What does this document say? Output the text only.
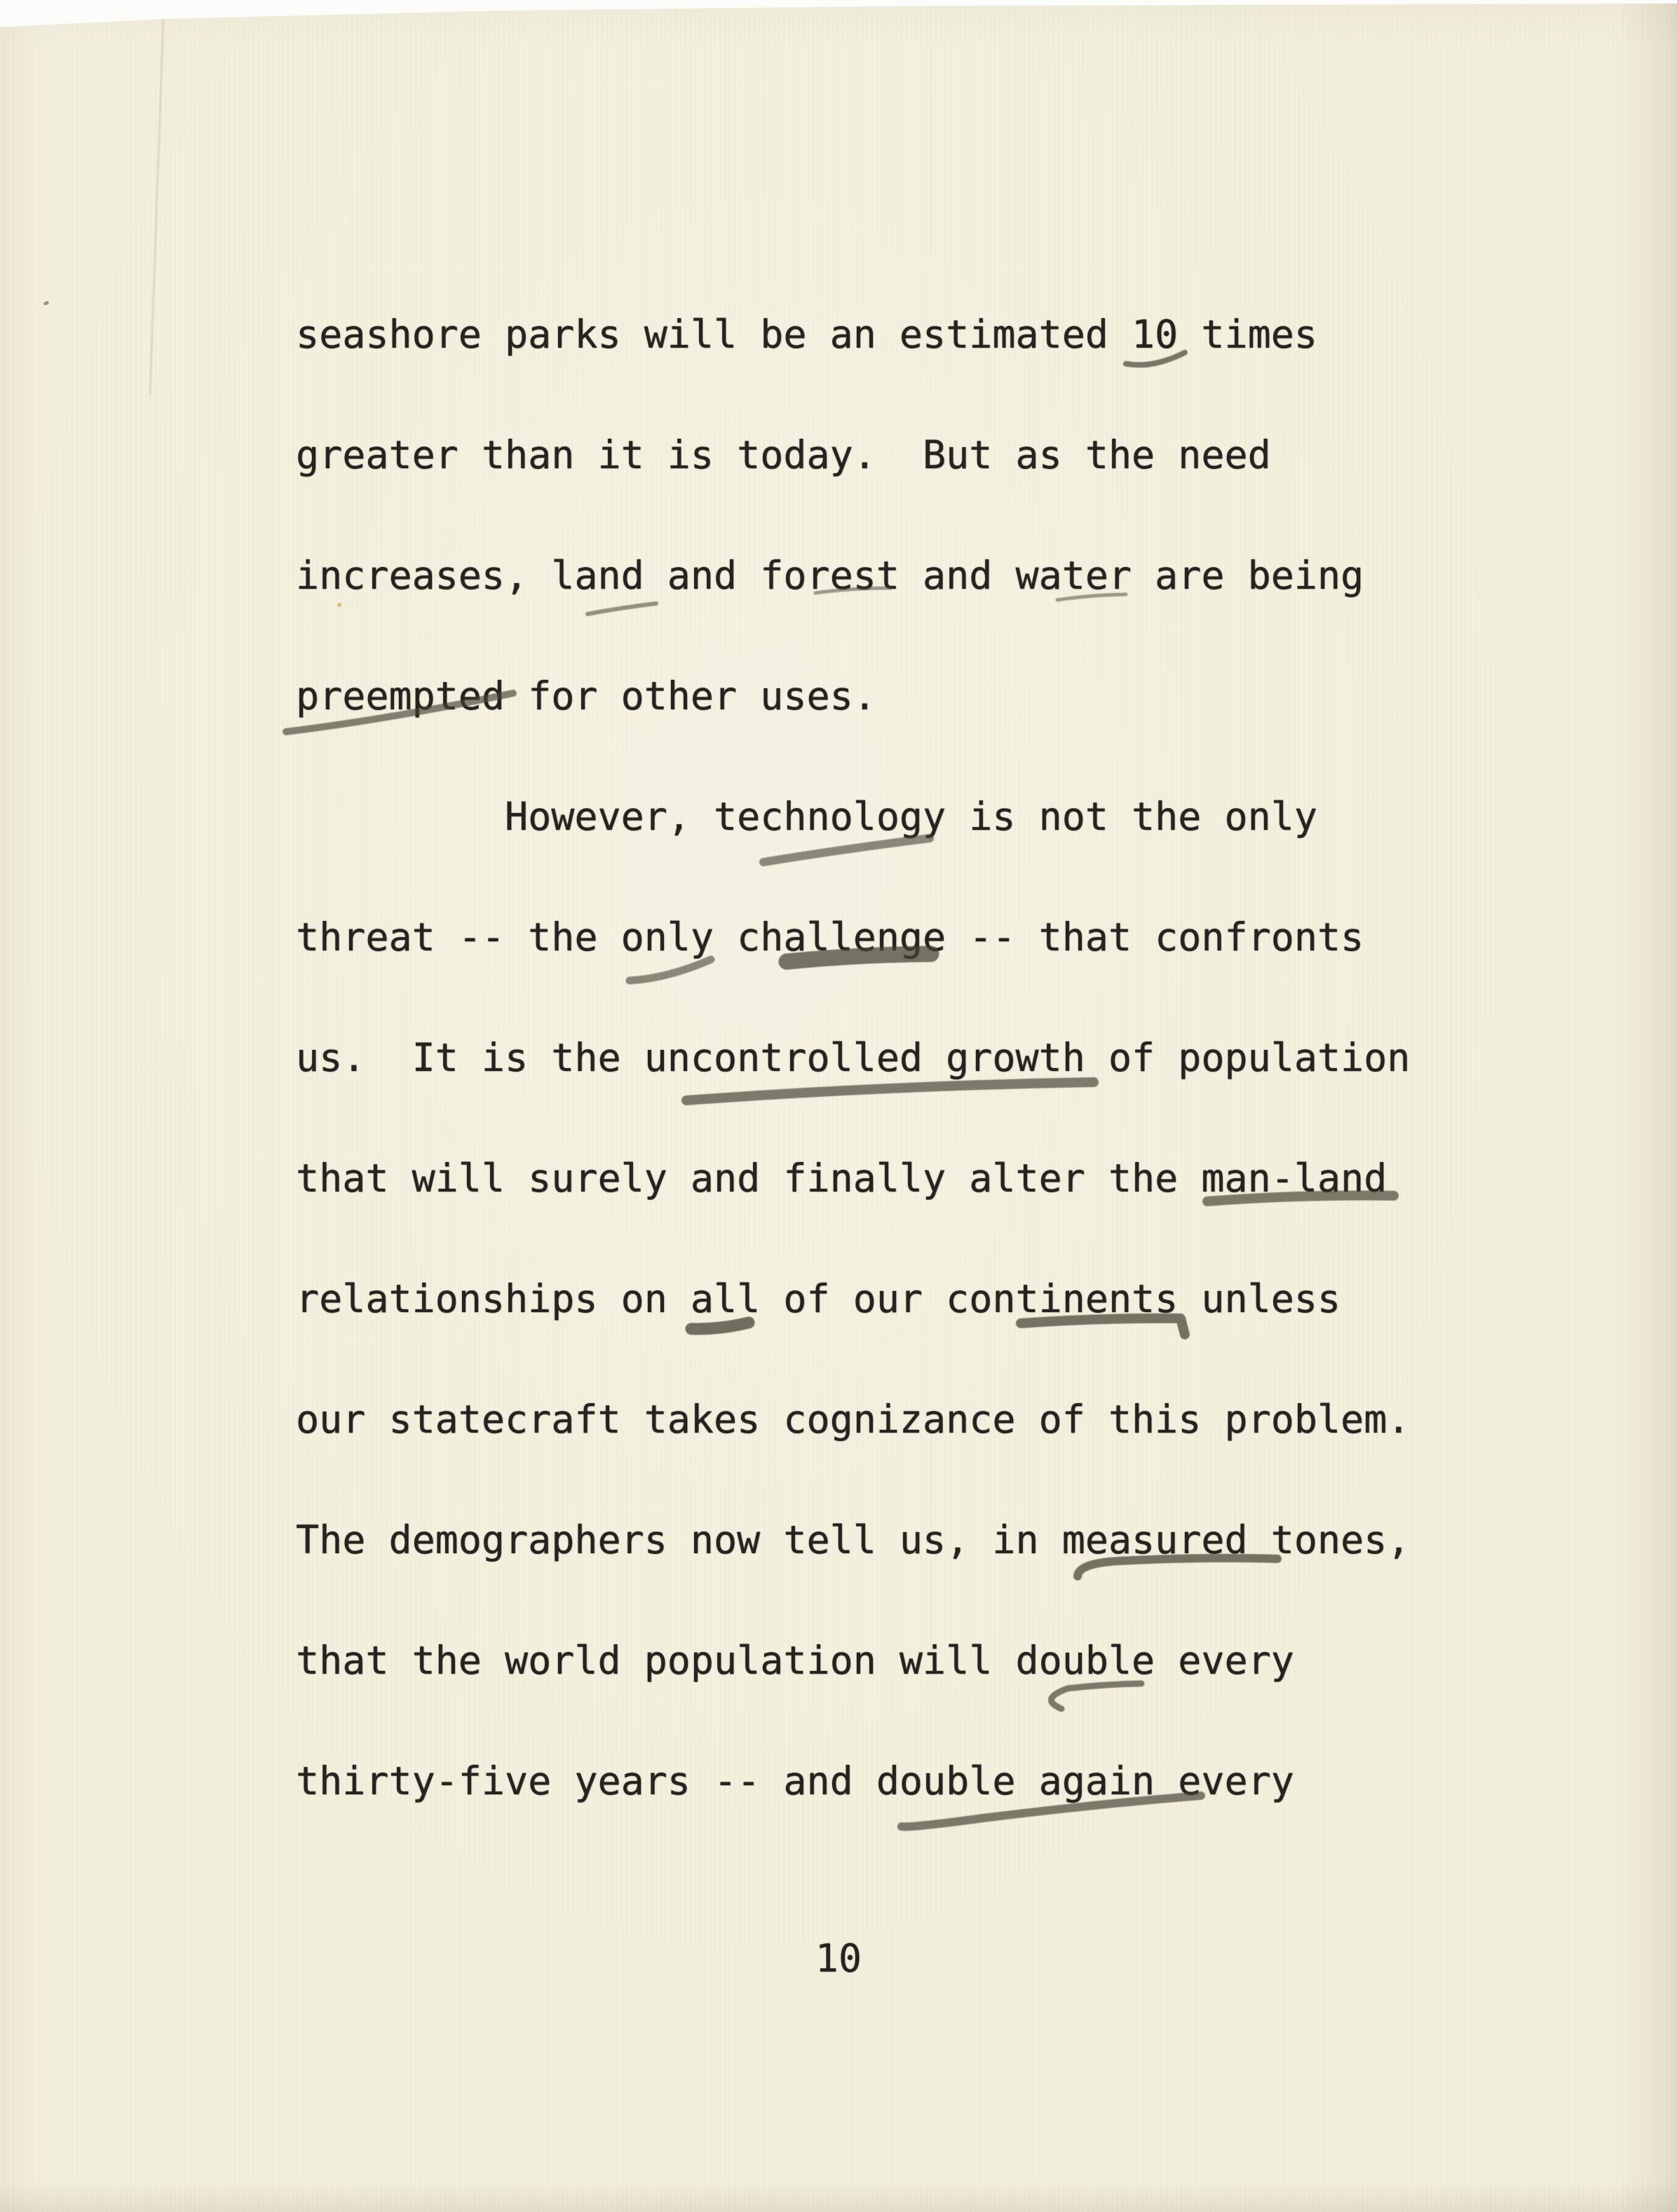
seashore parks will be an estimated 10 times
greater than it is today.  But as the need
increases, land and forest and water are being
preempted for other uses.
However, technology is not the only
threat -- the only challenge -- that confronts
us.  It is the uncontrolled growth of population
that will surely and finally alter the man-land
relationships on all of our continents unless
our statecraft takes cognizance of this problem.
The demographers now tell us, in measured tones,
that the world population will double every
thirty-five years -- and double again every
10
